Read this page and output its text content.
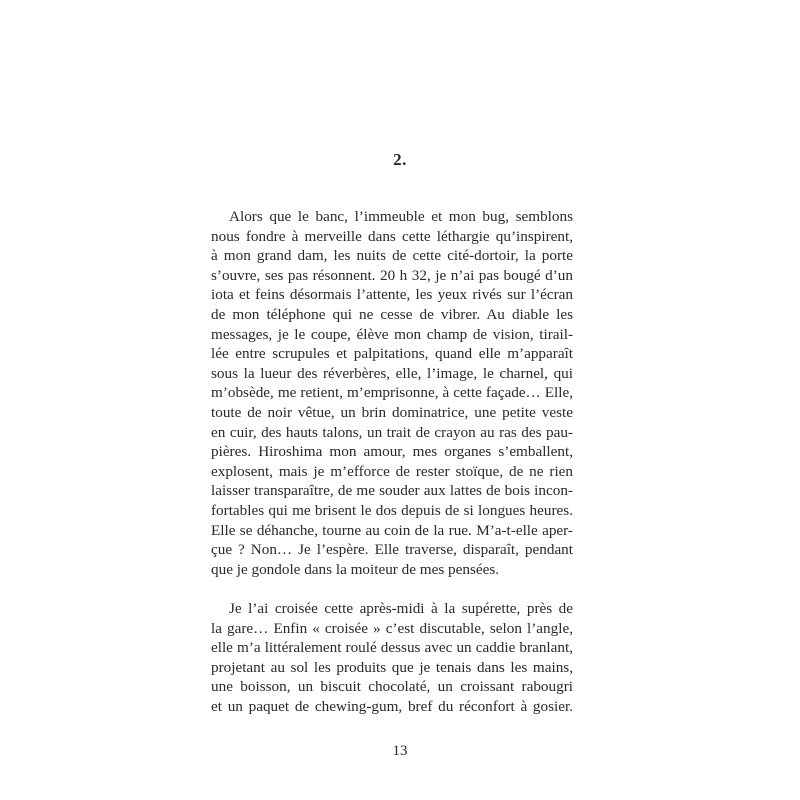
2.
Alors que le banc, l’immeuble et mon bug, semblons
nous fondre à merveille dans cette léthargie qu’inspirent,
à mon grand dam, les nuits de cette cité-dortoir, la porte
s’ouvre, ses pas résonnent. 20 h 32, je n’ai pas bougé d’un
iota et feins désormais l’attente, les yeux rivés sur l’écran
de mon téléphone qui ne cesse de vibrer. Au diable les
messages, je le coupe, élève mon champ de vision, tirail-
lée entre scrupules et palpitations, quand elle m’apparaît
sous la lueur des réverbères, elle, l’image, le charnel, qui
m’obsède, me retient, m’emprisonne, à cette façade… Elle,
toute de noir vêtue, un brin dominatrice, une petite veste
en cuir, des hauts talons, un trait de crayon au ras des pau-
pières. Hiroshima mon amour, mes organes s’emballent,
explosent, mais je m’efforce de rester stoïque, de ne rien
laisser transparaître, de me souder aux lattes de bois incon-
fortables qui me brisent le dos depuis de si longues heures.
Elle se déhanche, tourne au coin de la rue. M’a-t-elle aper-
çue ? Non… Je l’espère. Elle traverse, disparaît, pendant
que je gondole dans la moiteur de mes pensées.
Je l’ai croisée cette après-midi à la supérette, près de
la gare… Enfin « croisée » c’est discutable, selon l’angle,
elle m’a littéralement roulé dessus avec un caddie branlant,
projetant au sol les produits que je tenais dans les mains,
une boisson, un biscuit chocolaté, un croissant rabougri
et un paquet de chewing-gum, bref du réconfort à gosier.
13
